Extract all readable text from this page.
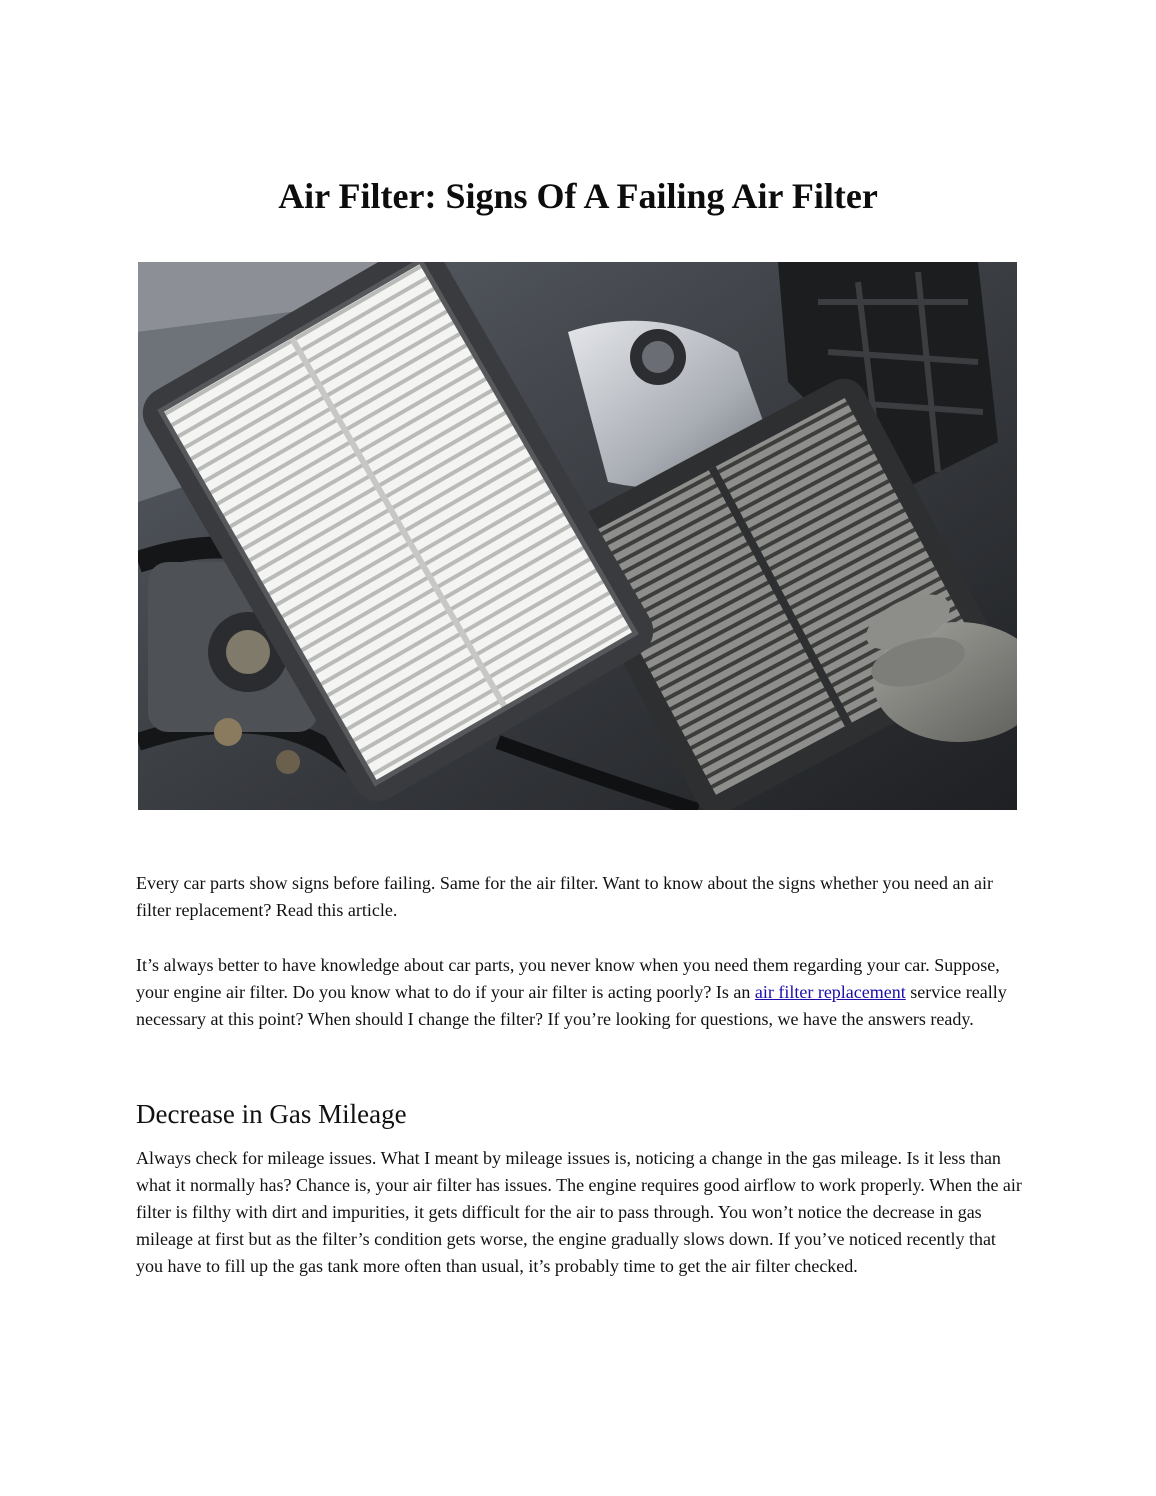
Air Filter: Signs Of A Failing Air Filter

Every car parts show signs before failing. Same for the air filter. Want to know about the signs whether you need an air filter replacement? Read this article.

It’s always better to have knowledge about car parts, you never know when you need them regarding your car. Suppose, your engine air filter. Do you know what to do if your air filter is acting poorly? Is an air filter replacement service really necessary at this point? When should I change the filter? If you’re looking for questions, we have the answers ready.

Decrease in Gas Mileage

Always check for mileage issues. What I meant by mileage issues is, noticing a change in the gas mileage. Is it less than what it normally has? Chance is, your air filter has issues. The engine requires good airflow to work properly. When the air filter is filthy with dirt and impurities, it gets difficult for the air to pass through. You won’t notice the decrease in gas mileage at first but as the filter’s condition gets worse, the engine gradually slows down. If you’ve noticed recently that you have to fill up the gas tank more often than usual, it’s probably time to get the air filter checked.
